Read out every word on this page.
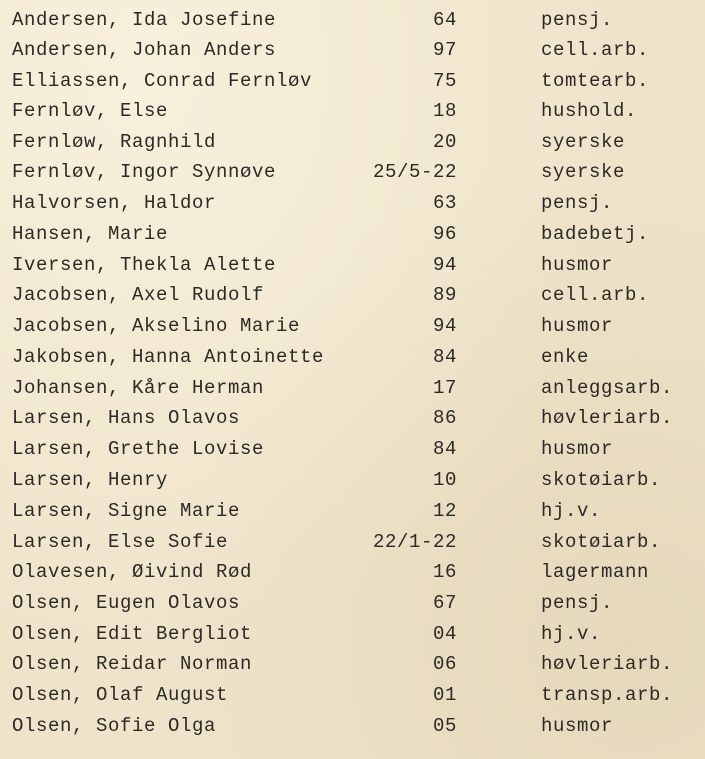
Andersen, Ida Josefine	64	pensj.
Andersen, Johan Anders	97	cell.arb.
Elliassen, Conrad Fernløv	75	tomtearb.
Fernløv, Else	18	hushold.
Fernløw, Ragnhild	20	syerske
Fernløv, Ingor Synnøve	25/5-22	syerske
Halvorsen, Haldor	63	pensj.
Hansen, Marie	96	badebetj.
Iversen, Thekla Alette	94	husmor
Jacobsen, Axel Rudolf	89	cell.arb.
Jacobsen, Akselino Marie	94	husmor
Jakobsen, Hanna Antoinette	84	enke
Johansen, Kåre Herman	17	anleggsarb.
Larsen, Hans Olavos	86	høvleriarb.
Larsen, Grethe Lovise	84	husmor
Larsen, Henry	10	skotøiarb.
Larsen, Signe Marie	12	hj.v.
Larsen, Else Sofie	22/1-22	skotøiarb.
Olavesen, Øivind Rød	16	lagermann
Olsen, Eugen Olavos	67	pensj.
Olsen, Edit Bergliot	04	hj.v.
Olsen, Reidar Norman	06	høvleriarb.
Olsen, Olaf August	01	transp.arb.
Olsen, Sofie Olga	05	husmor
